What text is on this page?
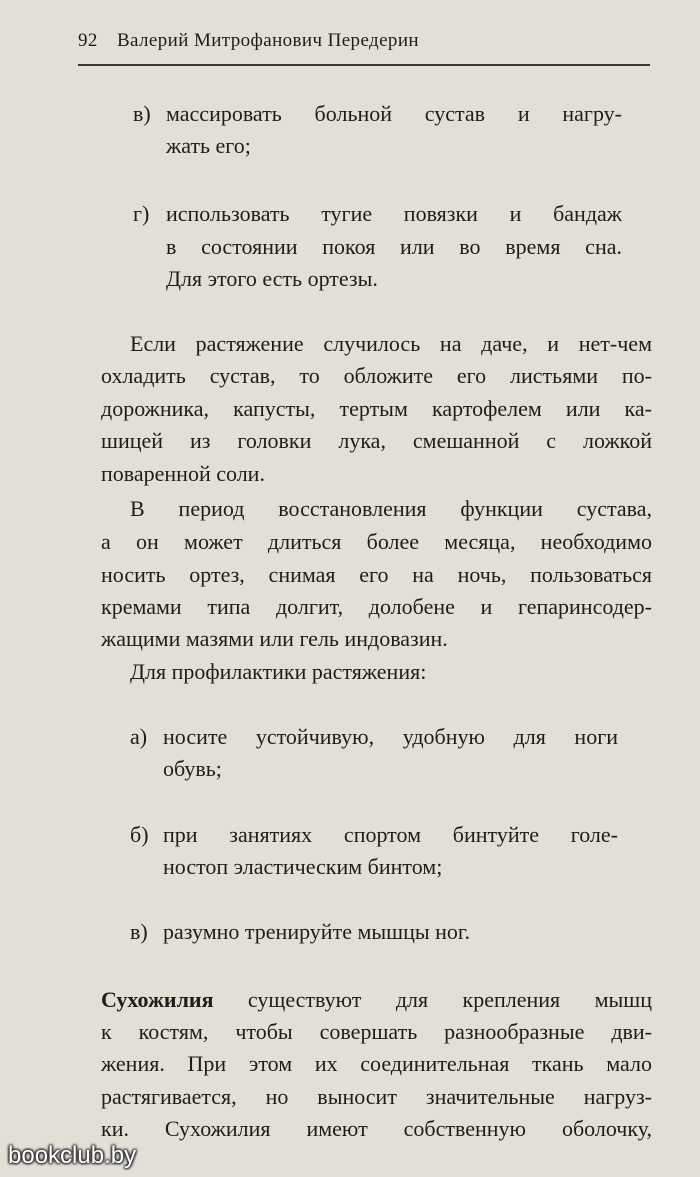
92 Валерий Митрофанович Передерин
в) массировать больной сустав и нагру-
жать его;
г) использовать тугие повязки и бандаж
в состоянии покоя или во время сна.
Для этого есть ортезы.
Если растяжение случилось на даче, и нет-чем
охладить сустав, то обложите его листьями по-
дорожника, капусты, тертым картофелем или ка-
шицей из головки лука, смешанной с ложкой
поваренной соли.
В период восстановления функции сустава,
а он может длиться более месяца, необходимо
носить ортез, снимая его на ночь, пользоваться
кремами типа долгит, долобене и гепаринсодер-
жащими мазями или гель индовазин.
Для профилактики растяжения:
а) носите устойчивую, удобную для ноги
обувь;
б) при занятиях спортом бинтуйте голе-
ностоп эластическим бинтом;
в) разумно тренируйте мышцы ног.
Сухожилия существуют для крепления мышц
к костям, чтобы совершать разнообразные дви-
жения. При этом их соединительная ткань мало
растягивается, но выносит значительные нагруз-
ки. Сухожилия имеют собственную оболочку,
bookclub.by
